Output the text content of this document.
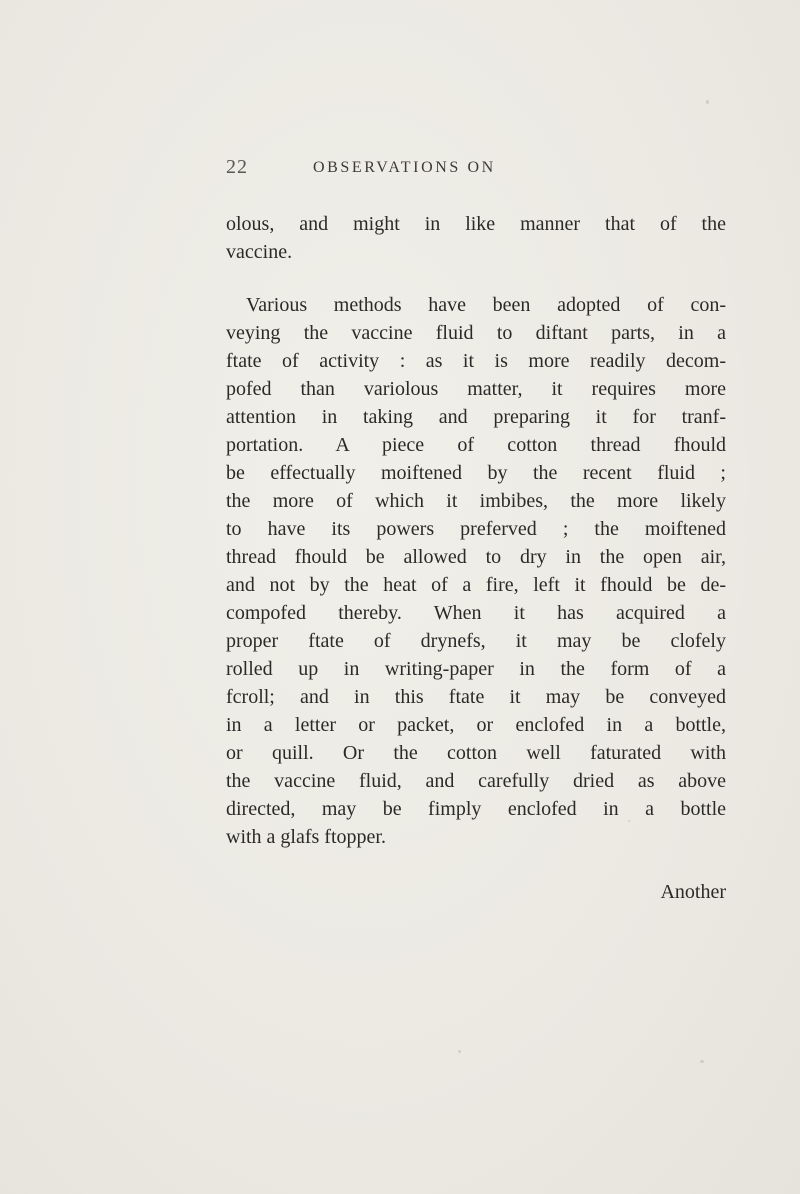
22	OBSERVATIONS ON
olous, and might in like manner that of the
vaccine.
Various methods have been adopted of con-
veying the vaccine fluid to diftant parts, in a
ftate of activity : as it is more readily decom-
pofed than variolous matter, it requires more
attention in taking and preparing it for tranf-
portation. A piece of cotton thread fhould
be effectually moiftened by the recent fluid ;
the more of which it imbibes, the more likely
to have its powers preferved ; the moiftened
thread fhould be allowed to dry in the open air,
and not by the heat of a fire, left it fhould be de-
compofed thereby. When it has acquired a
proper ftate of drynefs, it may be clofely
rolled up in writing-paper in the form of a
fcroll; and in this ftate it may be conveyed
in a letter or packet, or enclofed in a bottle,
or quill. Or the cotton well faturated with
the vaccine fluid, and carefully dried as above
directed, may be fimply enclofed in a bottle
with a glafs ftopper.
Another
